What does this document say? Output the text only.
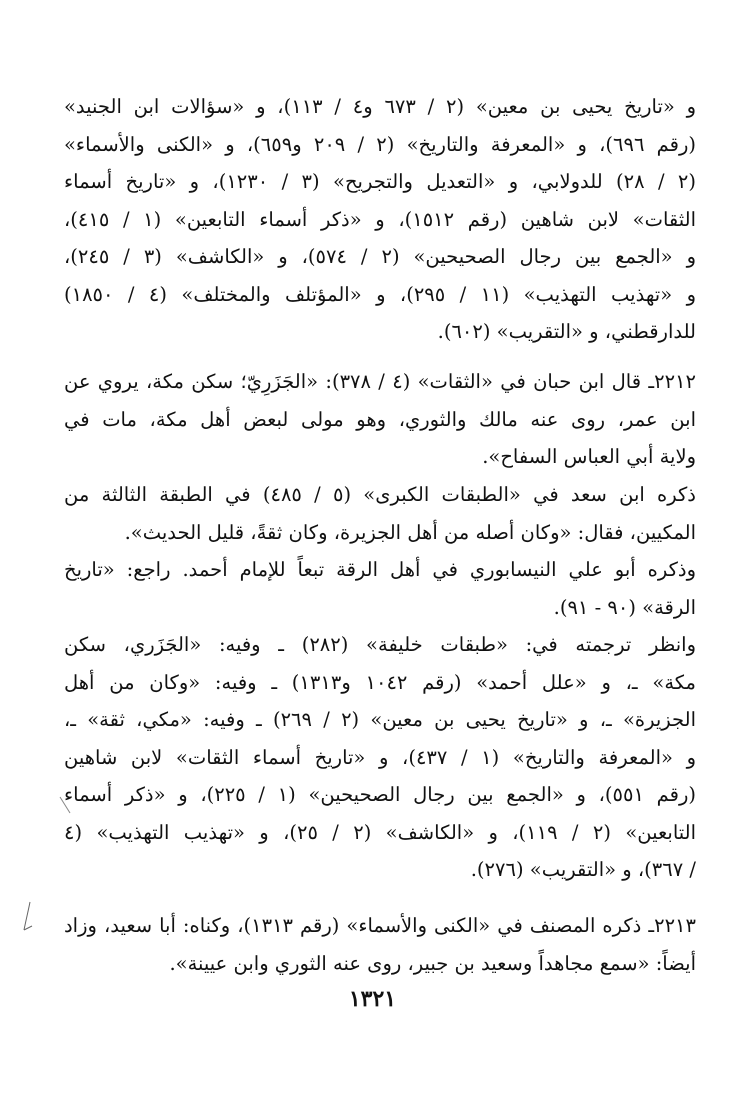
و «تاريخ يحيى بن معين» (٢ / ٦٧٣ و٤ / ١١٣)، و «سؤالات ابن الجنيد»
(رقم ٦٩٦)، و «المعرفة والتاريخ» (٢ / ٢٠٩ و٦٥٩)، و «الكنى والأسماء»
(٢ / ٢٨) للدولابي، و «التعديل والتجريح» (٣ / ١٢٣٠)، و «تاريخ أسماء
الثقات» لابن شاهين (رقم ١٥١٢)، و «ذكر أسماء التابعين» (١ / ٤١٥)،
و «الجمع بين رجال الصحيحين» (٢ / ٥٧٤)، و «الكاشف» (٣ / ٢٤٥)،
و «تهذيب التهذيب» (١١ / ٢٩٥)، و «المؤتلف والمختلف» (٤ / ١٨٥٠)
للدارقطني، و «التقريب» (٦٠٢).
٢٢١٢ـ قال ابن حبان في «الثقات» (٤ / ٣٧٨): «الجَزَرِيّ؛ سكن مكة، يروي عن
ابن عمر، روى عنه مالك والثوري، وهو مولى لبعض أهل مكة، مات في
ولاية أبي العباس السفاح».
ذكره ابن سعد في «الطبقات الكبرى» (٥ / ٤٨٥) في الطبقة الثالثة من
المكيين، فقال: «وكان أصله من أهل الجزيرة، وكان ثقةً، قليل الحديث».
وذكره أبو علي النيسابوري في أهل الرقة تبعاً للإمام أحمد. راجع: «تاريخ
الرقة» (٩٠ - ٩١).
وانظر ترجمته في: «طبقات خليفة» (٢٨٢) ـ وفيه: «الجَزَري، سكن
مكة» ـ، و «علل أحمد» (رقم ١٠٤٢ و١٣١٣) ـ وفيه: «وكان من أهل
الجزيرة» ـ، و «تاريخ يحيى بن معين» (٢ / ٢٦٩) ـ وفيه: «مكي، ثقة» ـ،
و «المعرفة والتاريخ» (١ / ٤٣٧)، و «تاريخ أسماء الثقات» لابن شاهين
(رقم ٥٥١)، و «الجمع بين رجال الصحيحين» (١ / ٢٢٥)، و «ذكر أسماء
التابعين» (٢ / ١١٩)، و «الكاشف» (٢ / ٢٥)، و «تهذيب التهذيب» (٤
/ ٣٦٧)، و «التقريب» (٢٧٦).
٢٢١٣ـ ذكره المصنف في «الكنى والأسماء» (رقم ١٣١٣)، وكناه: أبا سعيد، وزاد
أيضاً: «سمع مجاهداً وسعيد بن جبير، روى عنه الثوري وابن عيينة».
١٣٢١
